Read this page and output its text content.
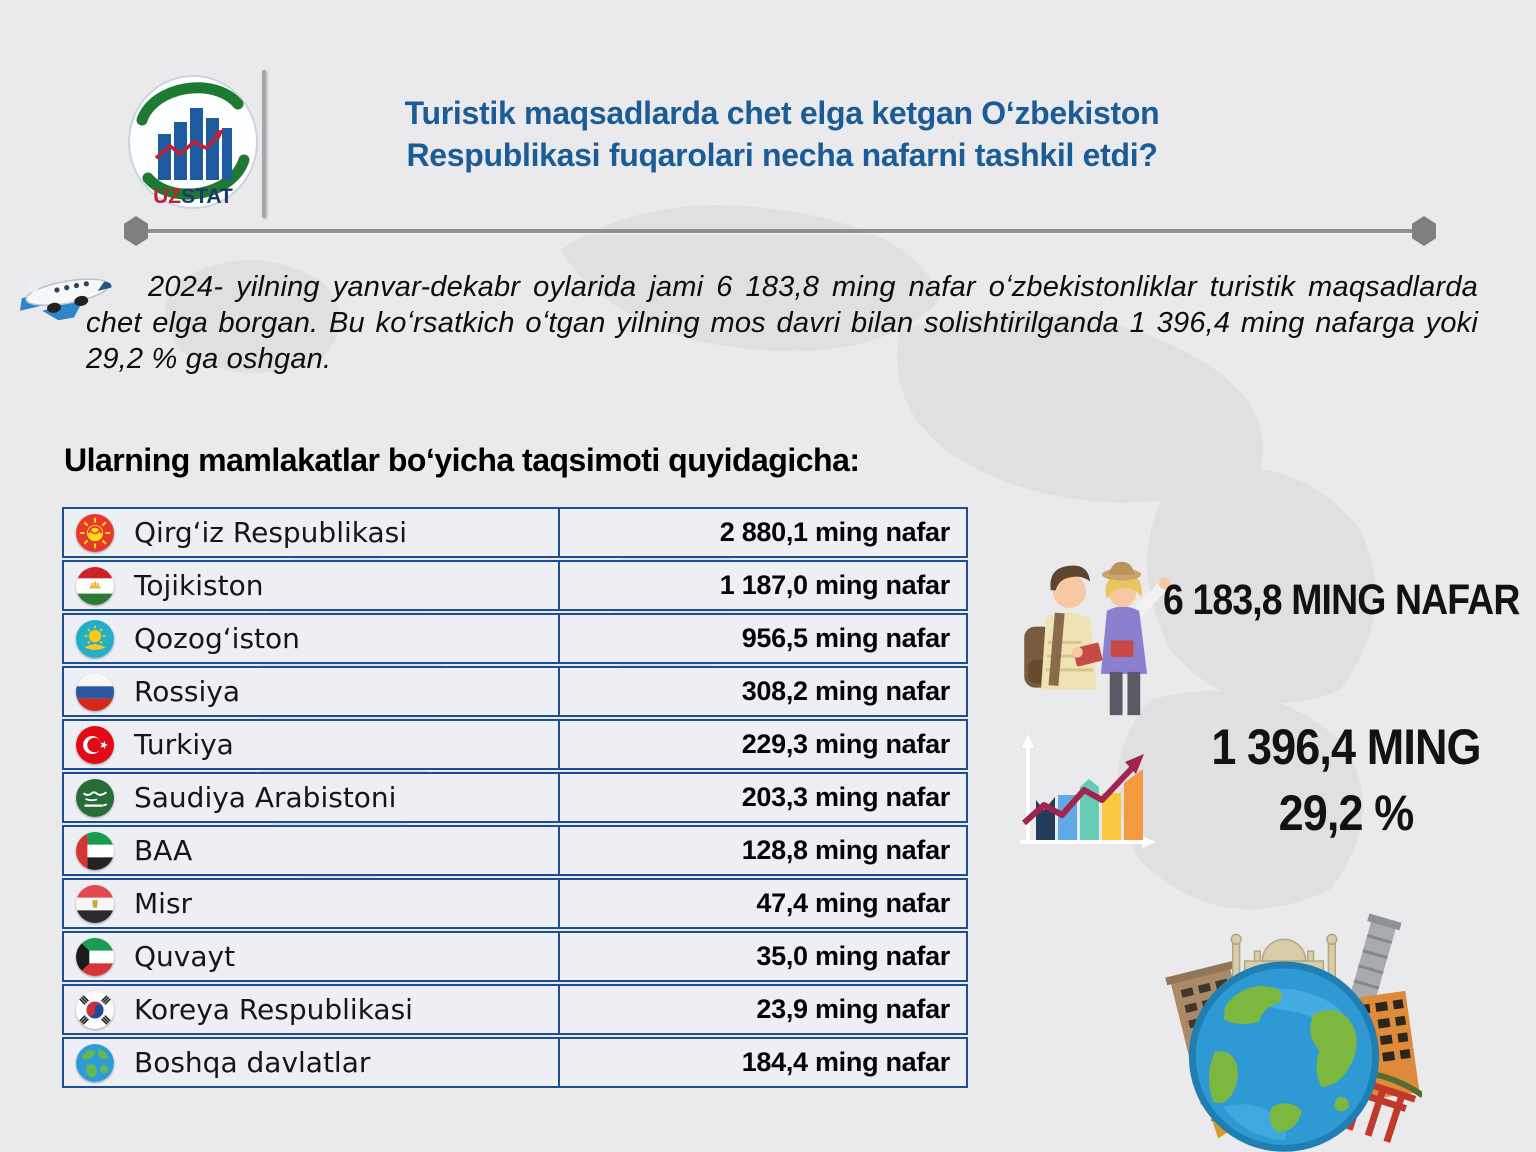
UZSTAT
Turistik maqsadlarda chet elga ketgan Oʻzbekiston
Respublikasi fuqarolari necha nafarni tashkil etdi?

2024- yilning yanvar-dekabr oylarida jami 6 183,8 ming nafar oʻzbekistonliklar turistik maqsadlarda chet elga borgan. Bu koʻrsatkich oʻtgan yilning mos davri bilan solishtirilganda 1 396,4 ming nafarga yoki 29,2 % ga oshgan.

Ularning mamlakatlar boʻyicha taqsimoti quyidagicha:
Qirgʻiz Respublikasi	2 880,1 ming nafar
Tojikiston	1 187,0 ming nafar
Qozogʻiston	956,5 ming nafar
Rossiya	308,2 ming nafar
Turkiya	229,3 ming nafar
Saudiya Arabistoni	203,3 ming nafar
BAA	128,8 ming nafar
Misr	47,4 ming nafar
Quvayt	35,0 ming nafar
Koreya Respublikasi	23,9 ming nafar
Boshqa davlatlar	184,4 ming nafar
6 183,8 MING NAFAR
1 396,4 MING
29,2 %
